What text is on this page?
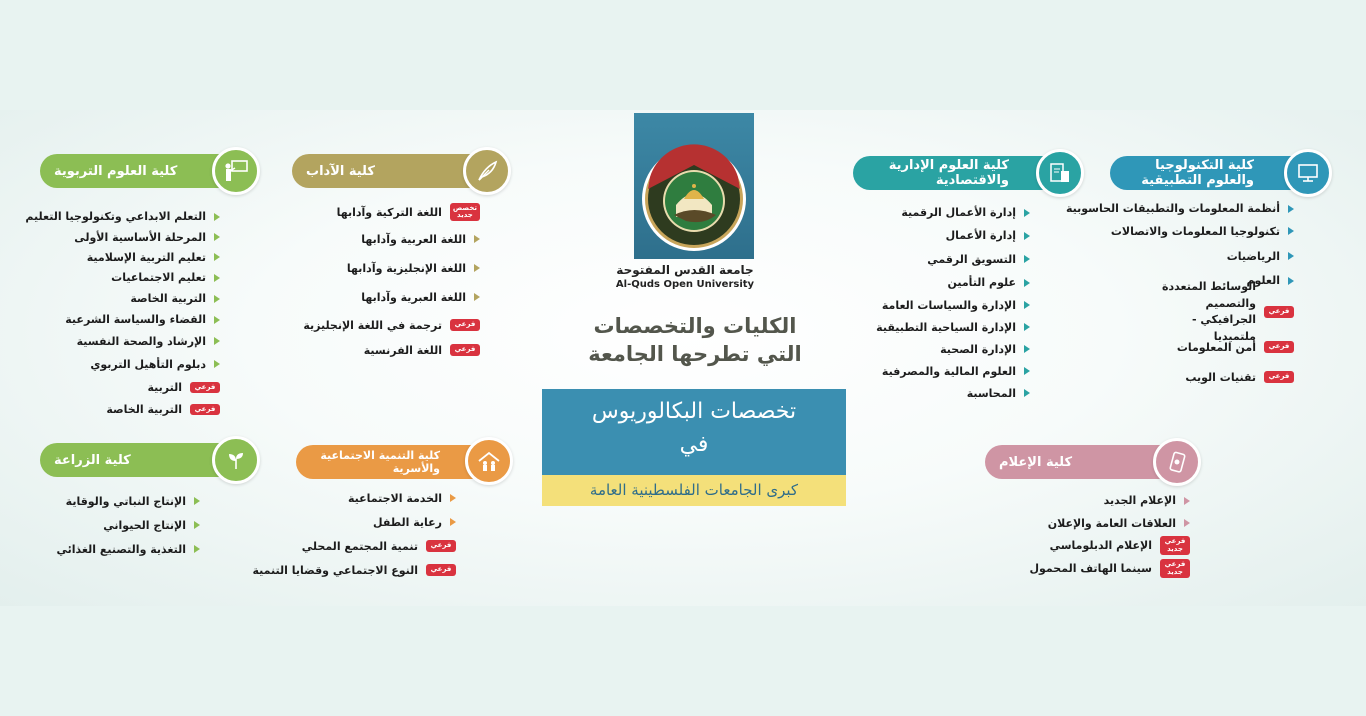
جامعة القدس المفتوحة
Al-Quds Open University
الكليات والتخصصات
التي تطرحها الجامعة
تخصصات البكالوريوس
في
كبرى الجامعات الفلسطينية العامة
كلية العلوم التربوية
التعلم الابداعي وتكنولوجيا التعليم
المرحلة الأساسية الأولى
تعليم التربية الإسلامية
تعليم الاجتماعيات
التربية الخاصة
القضاء والسياسة الشرعية
الإرشاد والصحة النفسية
دبلوم التأهيل التربوي
فرعي
التربية
فرعي
التربية الخاصة
كلية الآداب
تخصص
جديد
اللغة التركية وآدابها
اللغة العربية وآدابها
اللغة الإنجليزية وآدابها
اللغة العبرية وآدابها
فرعي
ترجمة في اللغة الإنجليزية
فرعي
اللغة الفرنسية
كلية العلوم الإدارية والاقتصادية
إدارة الأعمال الرقمية
إدارة الأعمال
التسويق الرقمي
علوم التأمين
الإدارة والسياسات العامة
الإدارة السياحية التطبيقية
الإدارة الصحية
العلوم المالية والمصرفية
المحاسبة
كلية التكنولوجيا والعلوم التطبيقية
أنظمة المعلومات والتطبيقات الحاسوبية
تكنولوجيا المعلومات والاتصالات
الرياضيات
العلوم
فرعي
الوسائط المتعددة والتصميم الجرافيكي - ملتميديا
فرعي
أمن المعلومات
فرعي
تقنيات الويب
كلية الزراعة
الإنتاج النباتي والوقاية
الإنتاج الحيواني
التغذية والتصنيع الغذائي
كلية التنمية الاجتماعية والأسرية
الخدمة الاجتماعية
رعاية الطفل
فرعي
تنمية المجتمع المحلي
فرعي
النوع الاجتماعي وقضايا التنمية
كلية الإعلام
الإعلام الجديد
العلاقات العامة والإعلان
فرعي
جديد
الإعلام الدبلوماسي
فرعي
جديد
سينما الهاتف المحمول
